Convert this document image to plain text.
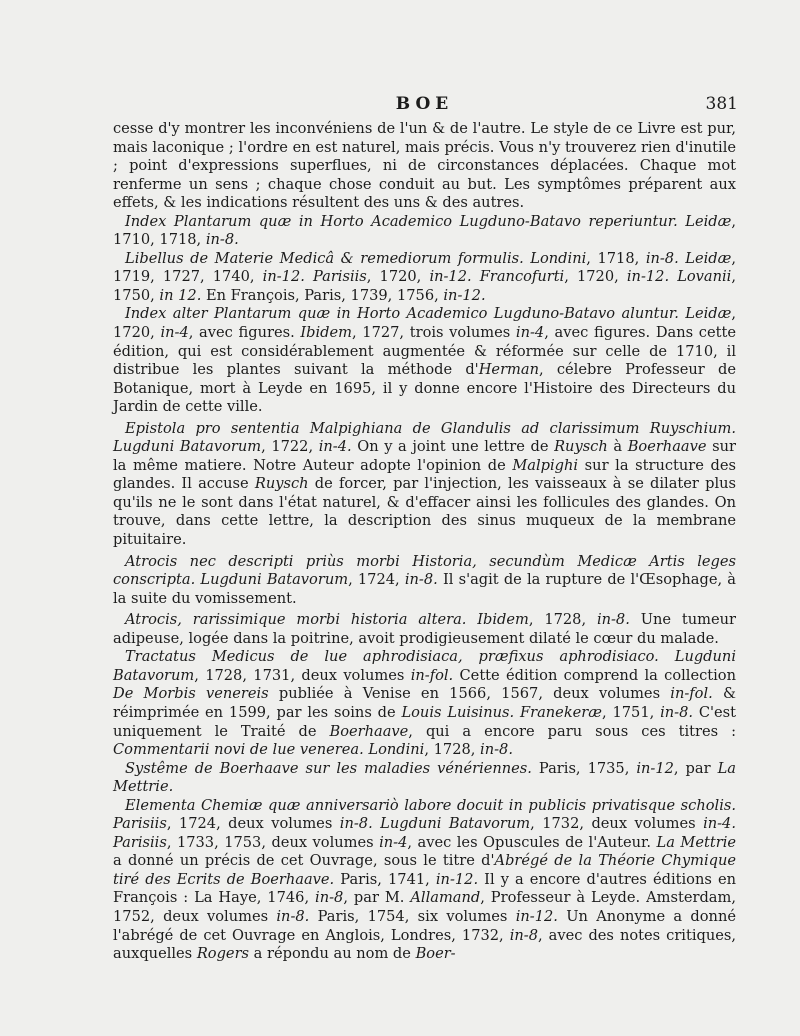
BOE	381

cesse d'y montrer les inconvéniens de l'un & de l'autre. Le style de ce Livre est pur, mais laconique ; l'ordre en est naturel, mais précis. Vous n'y trouverez rien d'inutile ; point d'expressions superflues, ni de circonstances déplacées. Chaque mot renferme un sens ; chaque chose conduit au but. Les symptômes préparent aux effets, & les indications résultent des uns & des autres.

Index Plantarum quæ in Horto Academico Lugduno-Batavo reperiuntur. Leidæ, 1710, 1718, in-8.

Libellus de Materie Medicâ & remediorum formulis. Londini, 1718, in-8. Leidæ, 1719, 1727, 1740, in-12. Parisiis, 1720, in-12. Francofurti, 1720, in-12. Lovanii, 1750, in 12. En François, Paris, 1739, 1756, in-12.

Index alter Plantarum quæ in Horto Academico Lugduno-Batavo aluntur. Leidæ, 1720, in-4, avec figures. Ibidem, 1727, trois volumes in-4, avec figures. Dans cette édition, qui est considérablement augmentée & réformée sur celle de 1710, il distribue les plantes suivant la méthode d'Herman, célebre Professeur de Botanique, mort à Leyde en 1695, il y donne encore l'Histoire des Directeurs du Jardin de cette ville.

Epistola pro sententia Malpighiana de Glandulis ad clarissimum Ruyschium. Lugduni Batavorum, 1722, in-4. On y a joint une lettre de Ruysch à Boerhaave sur la même matiere. Notre Auteur adopte l'opinion de Malpighi sur la structure des glandes. Il accuse Ruysch de forcer, par l'injection, les vaisseaux à se dilater plus qu'ils ne le sont dans l'état naturel, & d'effacer ainsi les follicules des glandes. On trouve, dans cette lettre, la description des sinus muqueux de la membrane pituitaire.

Atrocis nec descripti priùs morbi Historia, secundùm Medicæ Artis leges conscripta. Lugduni Batavorum, 1724, in-8. Il s'agit de la rupture de l'Œsophage, à la suite du vomissement.

Atrocis, rarissimique morbi historia altera. Ibidem, 1728, in-8. Une tumeur adipeuse, logée dans la poitrine, avoit prodigieusement dilaté le cœur du malade.

Tractatus Medicus de lue aphrodisiaca, præfixus aphrodisiaco. Lugduni Batavorum, 1728, 1731, deux volumes in-fol. Cette édition comprend la collection De Morbis venereis publiée à Venise en 1566, 1567, deux volumes in-fol. & réimprimée en 1599, par les soins de Louis Luisinus. Franekeræ, 1751, in-8. C'est uniquement le Traité de Boerhaave, qui a encore paru sous ces titres : Commentarii novi de lue venerea. Londini, 1728, in-8.

Systême de Boerhaave sur les maladies vénériennes. Paris, 1735, in-12, par La Mettrie.

Elementa Chemiæ quæ anniversariò labore docuit in publicis privatisque scholis. Parisiis, 1724, deux volumes in-8. Lugduni Batavorum, 1732, deux volumes in-4. Parisiis, 1733, 1753, deux volumes in-4, avec les Opuscules de l'Auteur. La Mettrie a donné un précis de cet Ouvrage, sous le titre d'Abrégé de la Théorie Chymique tiré des Ecrits de Boerhaave. Paris, 1741, in-12. Il y a encore d'autres éditions en François : La Haye, 1746, in-8, par M. Allamand, Professeur à Leyde. Amsterdam, 1752, deux volumes in-8. Paris, 1754, six volumes in-12. Un Anonyme a donné l'abrégé de cet Ouvrage en Anglois, Londres, 1732, in-8, avec des notes critiques, auxquelles Rogers a répondu au nom de Boer-
